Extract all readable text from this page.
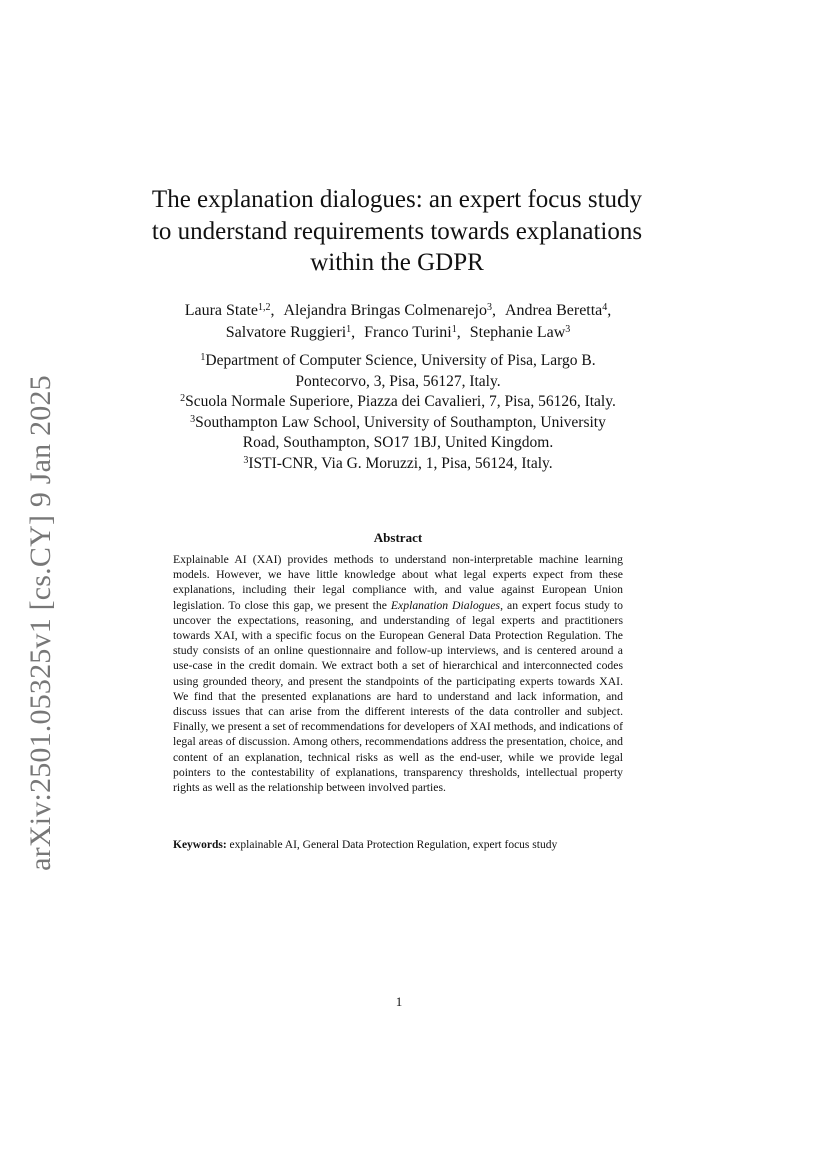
arXiv:2501.05325v1 [cs.CY] 9 Jan 2025
The explanation dialogues: an expert focus study
to understand requirements towards explanations
within the GDPR
Laura State$^{1,2}$, Alejandra Bringas Colmenarejo$^3$, Andrea Beretta$^4$,
Salvatore Ruggieri$^1$, Franco Turini$^1$, Stephanie Law$^3$
$^1$Department of Computer Science, University of Pisa, Largo B.
Pontecorvo, 3, Pisa, 56127, Italy.
$^2$Scuola Normale Superiore, Piazza dei Cavalieri, 7, Pisa, 56126, Italy.
$^3$Southampton Law School, University of Southampton, University
Road, Southampton, SO17 1BJ, United Kingdom.
$^3$ISTI-CNR, Via G. Moruzzi, 1, Pisa, 56124, Italy.
Abstract

Explainable AI (XAI) provides methods to understand non-interpretable machine learning models. However, we have little knowledge about what legal experts expect from these explanations, including their legal compliance with, and value against European Union legislation. To close this gap, we present the Explanation Dialogues, an expert focus study to uncover the expectations, reasoning, and understanding of legal experts and practitioners towards XAI, with a specific focus on the European General Data Protection Regulation. The study consists of an online questionnaire and follow-up interviews, and is centered around a use-case in the credit domain. We extract both a set of hierarchical and interconnected codes using grounded theory, and present the standpoints of the participating experts towards XAI. We find that the presented explanations are hard to understand and lack information, and discuss issues that can arise from the different interests of the data controller and subject. Finally, we present a set of recommendations for developers of XAI methods, and indications of legal areas of discussion. Among others, recommendations address the presentation, choice, and content of an explanation, technical risks as well as the end-user, while we provide legal pointers to the contestability of explanations, transparency thresholds, intellectual property rights as well as the relationship between involved parties.

Keywords: explainable AI, General Data Protection Regulation, expert focus study
1
